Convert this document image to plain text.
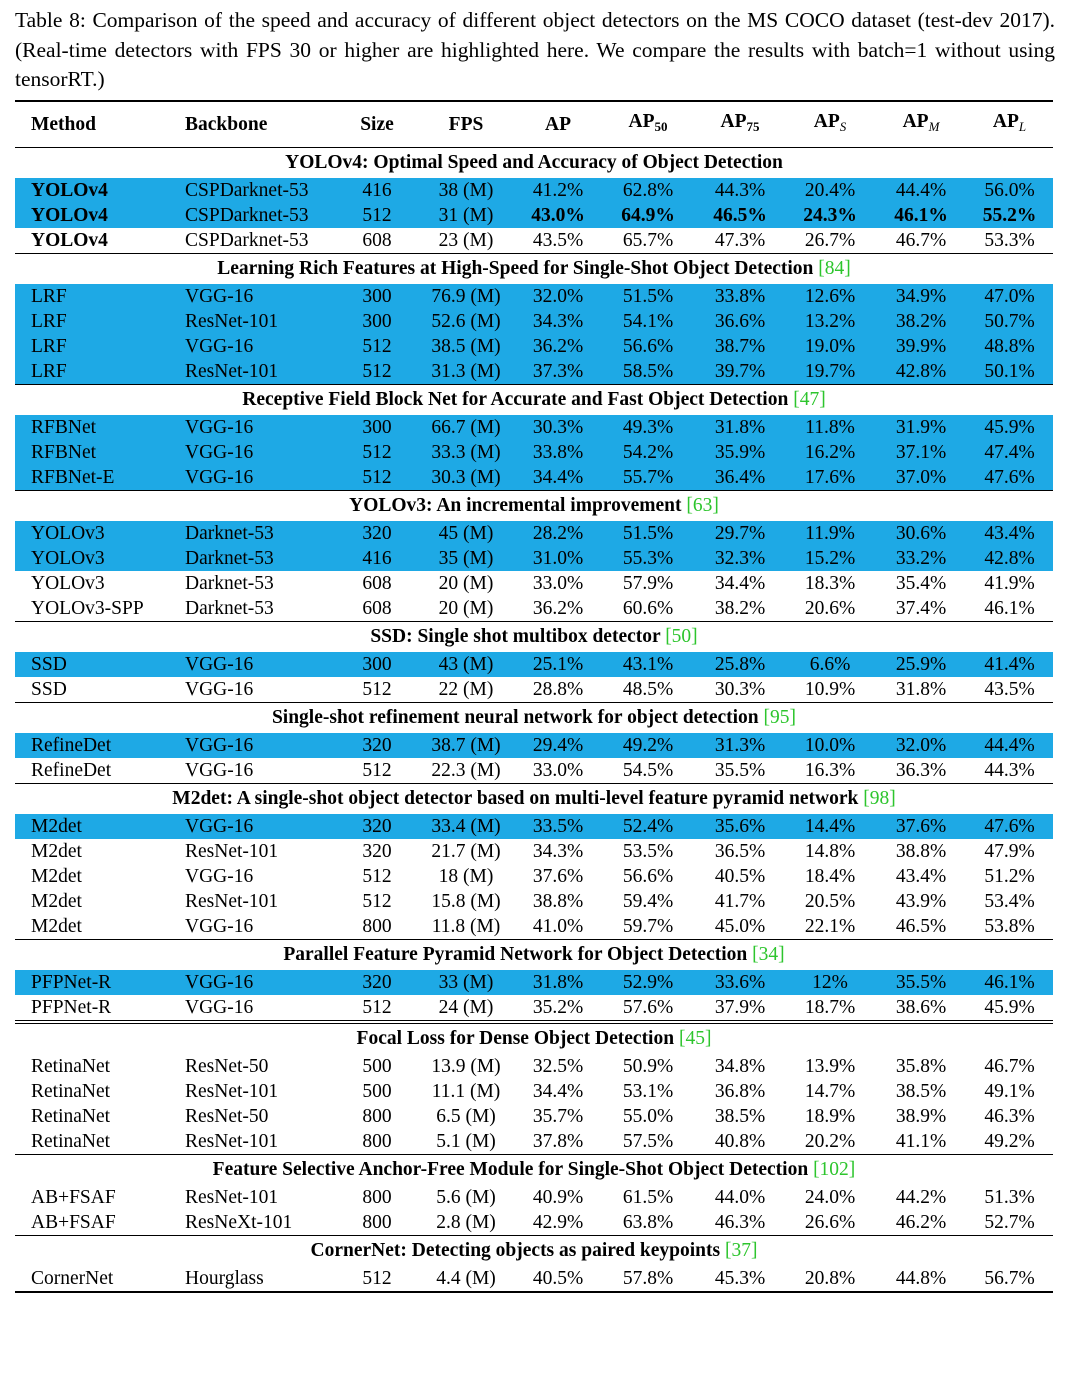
Table 8: Comparison of the speed and accuracy of different object detectors on the MS COCO dataset (test-dev 2017). (Real-time detectors with FPS 30 or higher are highlighted here. We compare the results with batch=1 without using tensorRT.)

Method	Backbone	Size	FPS	AP	$AP_{50}$	$AP_{75}$	$AP_S$	$AP_M$	$AP_L$
YOLOv4: Optimal Speed and Accuracy of Object Detection									
YOLOv4	CSPDarknet-53	416	38 (M)	41.2%	62.8%	44.3%	20.4%	44.4%	56.0%
YOLOv4	CSPDarknet-53	512	31 (M)	43.0%	64.9%	46.5%	24.3%	46.1%	55.2%
YOLOv4	CSPDarknet-53	608	23 (M)	43.5%	65.7%	47.3%	26.7%	46.7%	53.3%
Learning Rich Features at High-Speed for Single-Shot Object Detection [84]									
LRF	VGG-16	300	76.9 (M)	32.0%	51.5%	33.8%	12.6%	34.9%	47.0%
LRF	ResNet-101	300	52.6 (M)	34.3%	54.1%	36.6%	13.2%	38.2%	50.7%
LRF	VGG-16	512	38.5 (M)	36.2%	56.6%	38.7%	19.0%	39.9%	48.8%
LRF	ResNet-101	512	31.3 (M)	37.3%	58.5%	39.7%	19.7%	42.8%	50.1%
Receptive Field Block Net for Accurate and Fast Object Detection [47]									
RFBNet	VGG-16	300	66.7 (M)	30.3%	49.3%	31.8%	11.8%	31.9%	45.9%
RFBNet	VGG-16	512	33.3 (M)	33.8%	54.2%	35.9%	16.2%	37.1%	47.4%
RFBNet-E	VGG-16	512	30.3 (M)	34.4%	55.7%	36.4%	17.6%	37.0%	47.6%
YOLOv3: An incremental improvement [63]									
YOLOv3	Darknet-53	320	45 (M)	28.2%	51.5%	29.7%	11.9%	30.6%	43.4%
YOLOv3	Darknet-53	416	35 (M)	31.0%	55.3%	32.3%	15.2%	33.2%	42.8%
YOLOv3	Darknet-53	608	20 (M)	33.0%	57.9%	34.4%	18.3%	35.4%	41.9%
YOLOv3-SPP	Darknet-53	608	20 (M)	36.2%	60.6%	38.2%	20.6%	37.4%	46.1%
SSD: Single shot multibox detector [50]									
SSD	VGG-16	300	43 (M)	25.1%	43.1%	25.8%	6.6%	25.9%	41.4%
SSD	VGG-16	512	22 (M)	28.8%	48.5%	30.3%	10.9%	31.8%	43.5%
Single-shot refinement neural network for object detection [95]									
RefineDet	VGG-16	320	38.7 (M)	29.4%	49.2%	31.3%	10.0%	32.0%	44.4%
RefineDet	VGG-16	512	22.3 (M)	33.0%	54.5%	35.5%	16.3%	36.3%	44.3%
M2det: A single-shot object detector based on multi-level feature pyramid network [98]									
M2det	VGG-16	320	33.4 (M)	33.5%	52.4%	35.6%	14.4%	37.6%	47.6%
M2det	ResNet-101	320	21.7 (M)	34.3%	53.5%	36.5%	14.8%	38.8%	47.9%
M2det	VGG-16	512	18 (M)	37.6%	56.6%	40.5%	18.4%	43.4%	51.2%
M2det	ResNet-101	512	15.8 (M)	38.8%	59.4%	41.7%	20.5%	43.9%	53.4%
M2det	VGG-16	800	11.8 (M)	41.0%	59.7%	45.0%	22.1%	46.5%	53.8%
Parallel Feature Pyramid Network for Object Detection [34]									
PFPNet-R	VGG-16	320	33 (M)	31.8%	52.9%	33.6%	12%	35.5%	46.1%
PFPNet-R	VGG-16	512	24 (M)	35.2%	57.6%	37.9%	18.7%	38.6%	45.9%
Focal Loss for Dense Object Detection [45]									
RetinaNet	ResNet-50	500	13.9 (M)	32.5%	50.9%	34.8%	13.9%	35.8%	46.7%
RetinaNet	ResNet-101	500	11.1 (M)	34.4%	53.1%	36.8%	14.7%	38.5%	49.1%
RetinaNet	ResNet-50	800	6.5 (M)	35.7%	55.0%	38.5%	18.9%	38.9%	46.3%
RetinaNet	ResNet-101	800	5.1 (M)	37.8%	57.5%	40.8%	20.2%	41.1%	49.2%
Feature Selective Anchor-Free Module for Single-Shot Object Detection [102]									
AB+FSAF	ResNet-101	800	5.6 (M)	40.9%	61.5%	44.0%	24.0%	44.2%	51.3%
AB+FSAF	ResNeXt-101	800	2.8 (M)	42.9%	63.8%	46.3%	26.6%	46.2%	52.7%
CornerNet: Detecting objects as paired keypoints [37]									
CornerNet	Hourglass	512	4.4 (M)	40.5%	57.8%	45.3%	20.8%	44.8%	56.7%
